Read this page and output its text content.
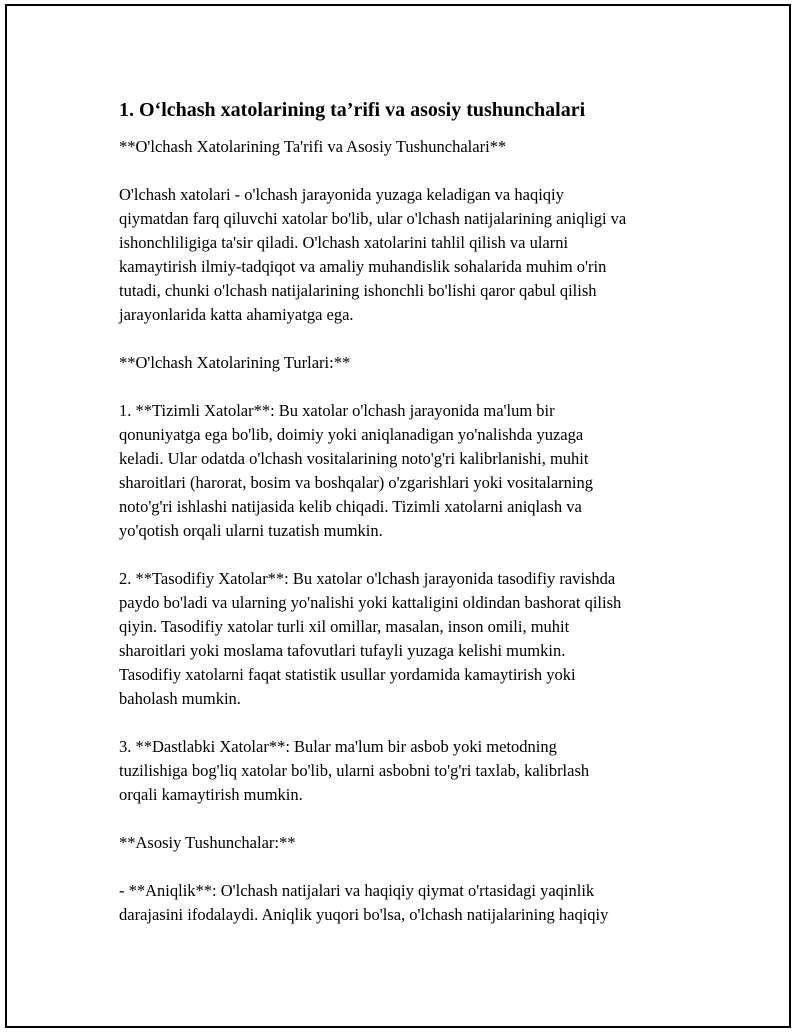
1. O‘lchash xatolarining ta’rifi va asosiy tushunchalari

**O'lchash Xatolarining Ta'rifi va Asosiy Tushunchalari**

O'lchash xatolari - o'lchash jarayonida yuzaga keladigan va haqiqiy
qiymatdan farq qiluvchi xatolar bo'lib, ular o'lchash natijalarining aniqligi va
ishonchliligiga ta'sir qiladi. O'lchash xatolarini tahlil qilish va ularni
kamaytirish ilmiy-tadqiqot va amaliy muhandislik sohalarida muhim o'rin
tutadi, chunki o'lchash natijalarining ishonchli bo'lishi qaror qabul qilish
jarayonlarida katta ahamiyatga ega.

**O'lchash Xatolarining Turlari:**

1. **Tizimli Xatolar**: Bu xatolar o'lchash jarayonida ma'lum bir
qonuniyatga ega bo'lib, doimiy yoki aniqlanadigan yo'nalishda yuzaga
keladi. Ular odatda o'lchash vositalarining noto'g'ri kalibrlanishi, muhit
sharoitlari (harorat, bosim va boshqalar) o'zgarishlari yoki vositalarning
noto'g'ri ishlashi natijasida kelib chiqadi. Tizimli xatolarni aniqlash va
yo'qotish orqali ularni tuzatish mumkin.

2. **Tasodifiy Xatolar**: Bu xatolar o'lchash jarayonida tasodifiy ravishda
paydo bo'ladi va ularning yo'nalishi yoki kattaligini oldindan bashorat qilish
qiyin. Tasodifiy xatolar turli xil omillar, masalan, inson omili, muhit
sharoitlari yoki moslama tafovutlari tufayli yuzaga kelishi mumkin.
Tasodifiy xatolarni faqat statistik usullar yordamida kamaytirish yoki
baholash mumkin.

3. **Dastlabki Xatolar**: Bular ma'lum bir asbob yoki metodning
tuzilishiga bog'liq xatolar bo'lib, ularni asbobni to'g'ri taxlab, kalibrlash
orqali kamaytirish mumkin.

**Asosiy Tushunchalar:**

- **Aniqlik**: O'lchash natijalari va haqiqiy qiymat o'rtasidagi yaqinlik
darajasini ifodalaydi. Aniqlik yuqori bo'lsa, o'lchash natijalarining haqiqiy
